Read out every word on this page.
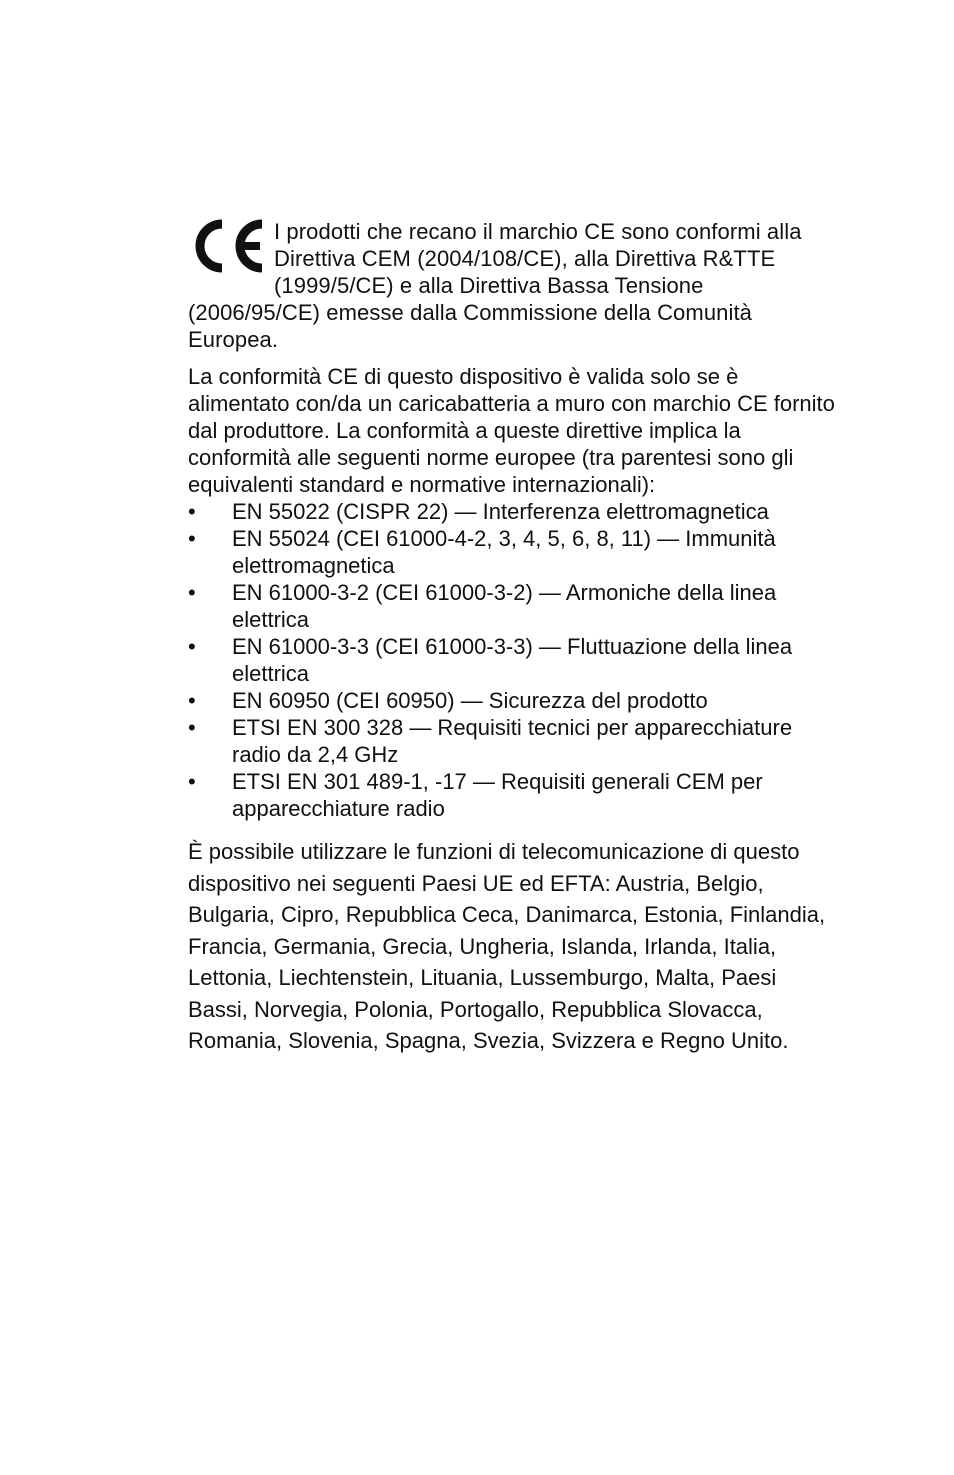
I prodotti che recano il marchio CE sono conformi alla Direttiva CEM (2004/108/CE), alla Direttiva R&TTE (1999/5/CE) e alla Direttiva Bassa Tensione (2006/95/CE) emesse dalla Commissione della Comunità Europea.
La conformità CE di questo dispositivo è valida solo se è alimentato con/da un caricabatteria a muro con marchio CE fornito dal produttore. La conformità a queste direttive implica la conformità alle seguenti norme europee (tra parentesi sono gli equivalenti standard e normative internazionali):
•	EN 55022 (CISPR 22) — Interferenza elettromagnetica
•	EN 55024 (CEI 61000-4-2, 3, 4, 5, 6, 8, 11) — Immunità elettromagnetica
•	EN 61000-3-2 (CEI 61000-3-2) — Armoniche della linea elettrica
•	EN 61000-3-3 (CEI 61000-3-3) — Fluttuazione della linea elettrica
•	EN 60950 (CEI 60950) — Sicurezza del prodotto
•	ETSI EN 300 328 — Requisiti tecnici per apparecchiature radio da 2,4 GHz
•	ETSI EN 301 489-1, -17 — Requisiti generali CEM per apparecchiature radio
È possibile utilizzare le funzioni di telecomunicazione di questo dispositivo nei seguenti Paesi UE ed EFTA: Austria, Belgio, Bulgaria, Cipro, Repubblica Ceca, Danimarca, Estonia, Finlandia, Francia, Germania, Grecia, Ungheria, Islanda, Irlanda, Italia, Lettonia, Liechtenstein, Lituania, Lussemburgo, Malta, Paesi Bassi, Norvegia, Polonia, Portogallo, Repubblica Slovacca, Romania, Slovenia, Spagna, Svezia, Svizzera e Regno Unito.
